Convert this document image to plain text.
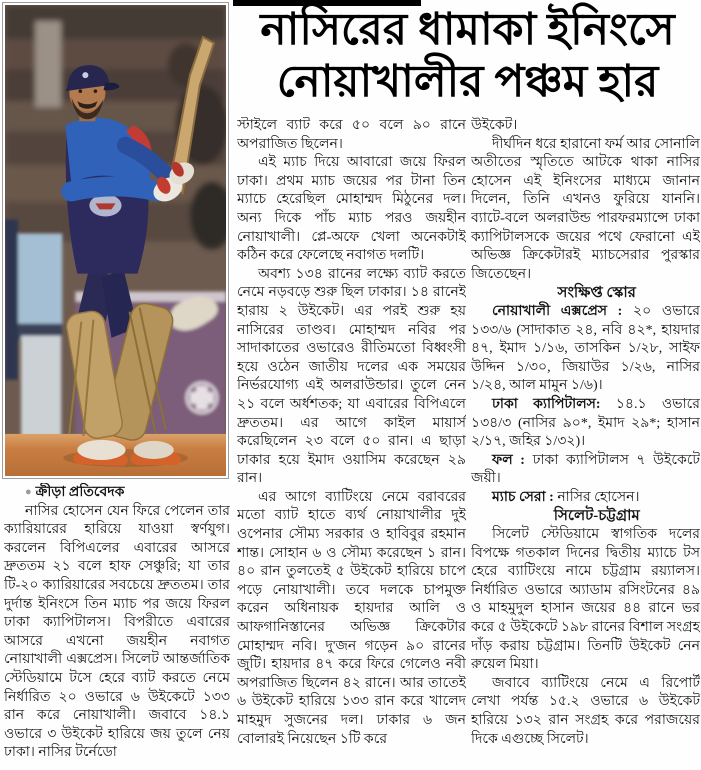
নাসিরের ধামাকা ইনিংসে
নোয়াখালীর পঞ্চম হার

● ক্রীড়া প্রতিবেদক

নাসির হোসেন যেন ফিরে পেলেন তার ক্যারিয়ারের হারিয়ে যাওয়া স্বর্ণযুগ। করলেন বিপিএলের এবারের আসরে দ্রুততম ২১ বলে হাফ সেঞ্চুরি; যা তার টি-২০ ক্যারিয়ারের সবচেয়ে দ্রুততম। তার দুর্দান্ত ইনিংসে তিন ম্যাচ পর জয়ে ফিরল ঢাকা ক্যাপিটালস। বিপরীতে এবারের আসরে এখনো জয়হীন নবাগত নোয়াখালী এক্সপ্রেস। সিলেট আন্তর্জাতিক স্টেডিয়ামে টসে হেরে ব্যাট করতে নেমে নির্ধারিত ২০ ওভারে ৬ উইকেটে ১৩৩ রান করে নোয়াখালী। জবাবে ১৪.১ ওভারে ৩ উইকেট হারিয়ে জয় তুলে নেয় ঢাকা। নাসির টর্নেডো

স্টাইলে ব্যাট করে ৫০ বলে ৯০ রানে অপরাজিত ছিলেন।

এই ম্যাচ দিয়ে আবারো জয়ে ফিরল ঢাকা। প্রথম ম্যাচ জয়ের পর টানা তিন ম্যাচে হেরেছিল মোহাম্মদ মিঠুনের দল। অন্য দিকে পাঁচ ম্যাচ পরও জয়হীন নোয়াখালী। প্লে-অফে খেলা অনেকটাই কঠিন করে ফেলেছে নবাগত দলটি।

অবশ্য ১৩৪ রানের লক্ষ্যে ব্যাট করতে নেমে নড়বড়ে শুরু ছিল ঢাকার। ১৪ রানেই হারায় ২ উইকেট। এর পরই শুরু হয় নাসিরের তাণ্ডব। মোহাম্মদ নবির পর সাদাকাতের ওভারেও রীতিমতো বিধ্বংসী হয়ে ওঠেন জাতীয় দলের এক সময়ের নির্ভরযোগ্য এই অলরাউন্ডার। তুলে নেন ২১ বলে অর্ধশতক; যা এবারের বিপিএলে দ্রুততম। এর আগে কাইল মায়ার্স করেছিলেন ২৩ বলে ৫০ রান। এ ছাড়া ঢাকার হয়ে ইমাদ ওয়াসিম করেছেন ২৯ রান।

এর আগে ব্যাটিংয়ে নেমে বরাবরের মতো ব্যাট হাতে ব্যর্থ নোয়াখালীর দুই ওপেনার সৌম্য সরকার ও হাবিবুর রহমান শান্ত। সোহান ৬ ও সৌম্য করেছেন ১ রান। ৪০ রান তুলতেই ৫ উইকেট হারিয়ে চাপে পড়ে নোয়াখালী। তবে দলকে চাপমুক্ত করেন অধিনায়ক হায়দার আলি ও আফগানিস্তানের অভিজ্ঞ ক্রিকেটার মোহাম্মদ নবি। দু'জন গড়েন ৯০ রানের জুটি। হায়দার ৪৭ করে ফিরে গেলেও নবী অপরাজিত ছিলেন ৪২ রানে। আর তাতেই ৬ উইকেট হারিয়ে ১৩৩ রান করে খালেদ মাহমুদ সুজনের দল। ঢাকার ৬ জন বোলারই নিয়েছেন ১টি করে

উইকেট।

দীর্ঘদিন ধরে হারানো ফর্ম আর সোনালি অতীতের স্মৃতিতে আটকে থাকা নাসির হোসেন এই ইনিংসের মাধ্যমে জানান দিলেন, তিনি এখনও ফুরিয়ে যাননি। ব্যাটে-বলে অলরাউন্ড পারফরম্যান্সে ঢাকা ক্যাপিটালসকে জয়ের পথে ফেরানো এই অভিজ্ঞ ক্রিকেটারই ম্যাচসেরার পুরস্কার জিতেছেন।

সংক্ষিপ্ত স্কোর

নোয়াখালী এক্সপ্রেস : ২০ ওভারে ১৩৩/৬ (সাদাকাত ২৪, নবি ৪২*, হায়দার ৪৭, ইমাদ ১/১৬, তাসকিন ১/২৮, সাইফ উদ্দিন ১/৩০, জিয়াউর ১/২৬, নাসির ১/২৪, আল মামুন ১/৬)।

ঢাকা ক্যাপিটালস: ১৪.১ ওভারে ১৩৪/৩ (নাসির ৯০*, ইমাদ ২৯*; হাসান ২/১৭, জহির ১/৩২)।

ফল : ঢাকা ক্যাপিটালস ৭ উইকেটে জয়ী।

ম্যাচ সেরা : নাসির হোসেন।

সিলেট-চট্টগ্রাম

সিলেট স্টেডিয়ামে স্বাগতিক দলের বিপক্ষে গতকাল দিনের দ্বিতীয় ম্যাচে টস হেরে ব্যাটিংয়ে নামে চট্টগ্রাম রয়্যালস। নির্ধারিত ওভারে অ্যাডাম রসিংটনের ৪৯ ও মাহমুদুল হাসান জয়ের ৪৪ রানে ভর করে ৫ উইকেটে ১৯৮ রানের বিশাল সংগ্রহ দাঁড় করায় চট্টগ্রাম। তিনটি উইকেট নেন রুয়েল মিয়া।

জবাবে ব্যাটিংয়ে নেমে এ রিপোর্ট লেখা পর্যন্ত ১৫.২ ওভারে ৬ উইকেট হারিয়ে ১৩২ রান সংগ্রহ করে পরাজয়ের দিকে এগুচ্ছে সিলেট।
